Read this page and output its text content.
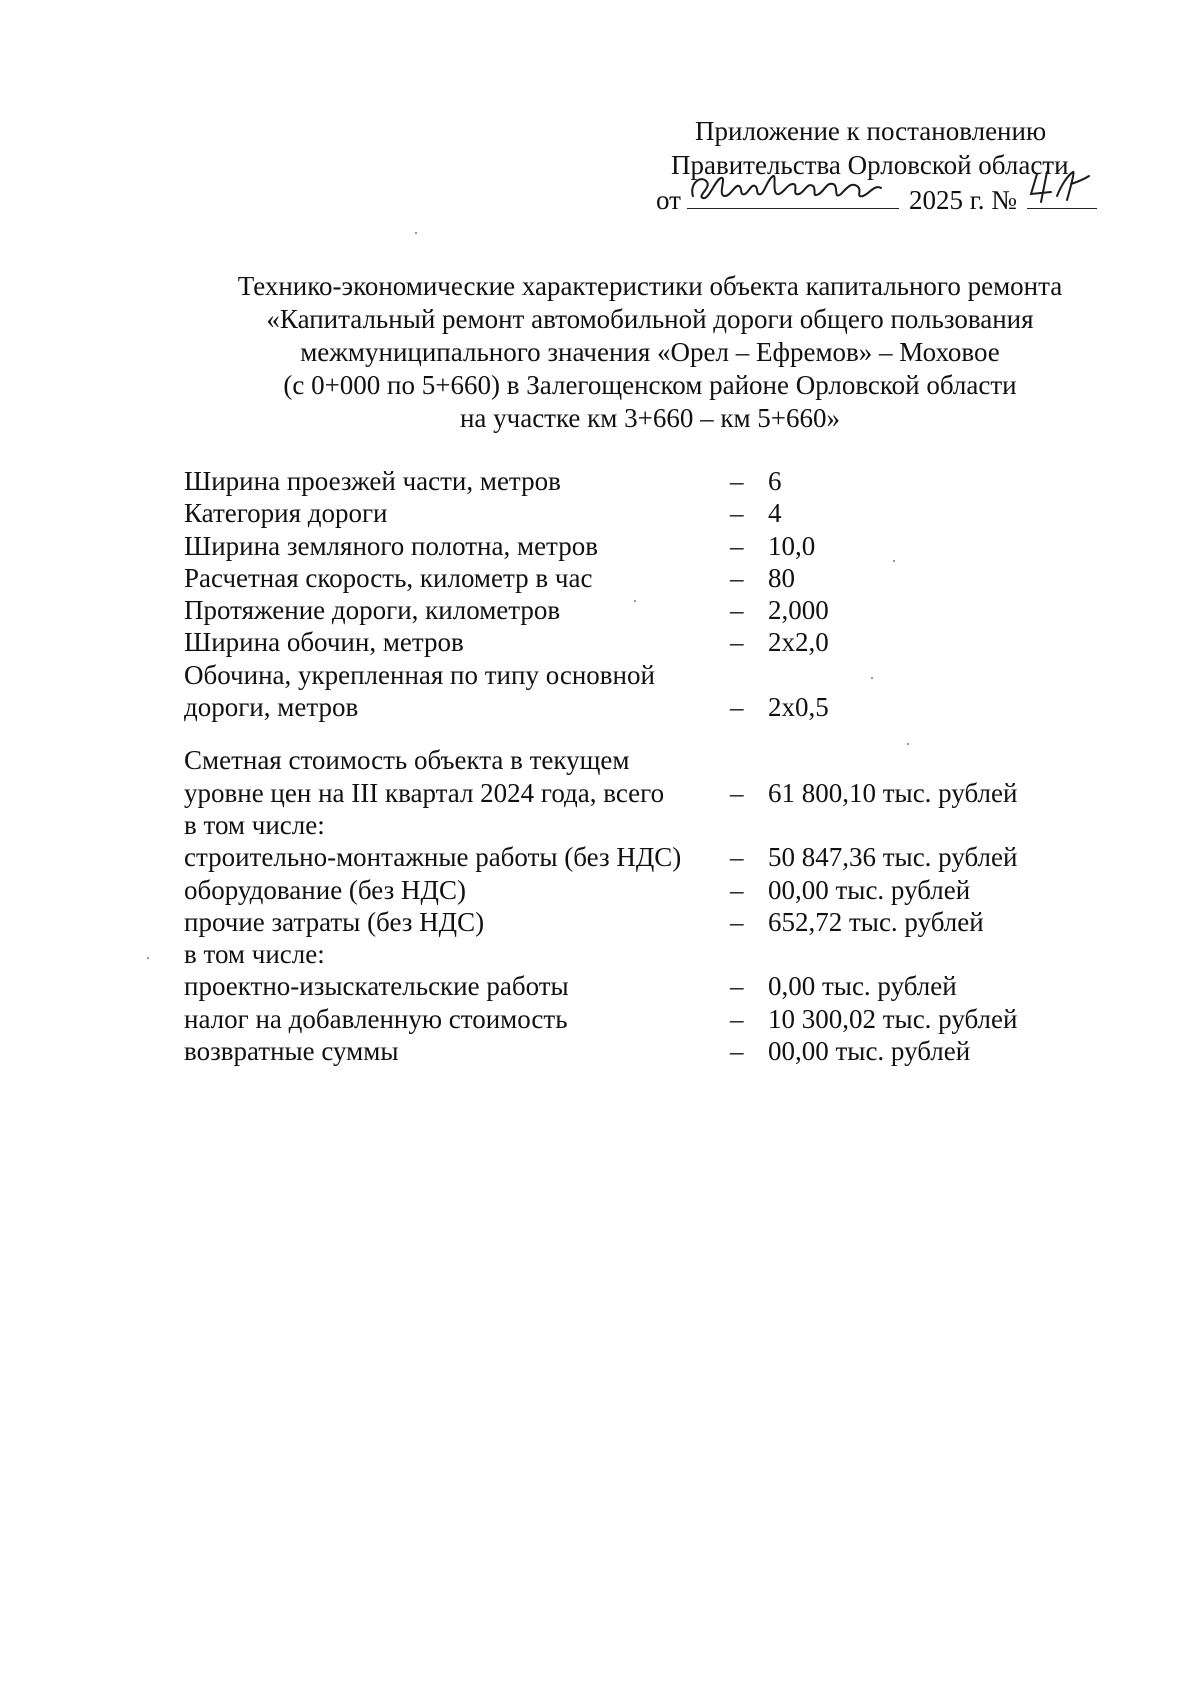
Приложение к постановлению
Правительства Орловской области
от	2025 г. №
Технико-экономические характеристики объекта капитального ремонта
«Капитальный ремонт автомобильной дороги общего пользования
межмуниципального значения «Орел – Ефремов» – Моховое
(с 0+000 по 5+660) в Залегощенском районе Орловской области
на участке км 3+660 – км 5+660»
Ширина проезжей части, метров	– 6
Категория дороги	– 4
Ширина земляного полотна, метров	– 10,0
Расчетная скорость, километр в час	– 80
Протяжение дороги, километров	– 2,000
Ширина обочин, метров	– 2х2,0
Обочина, укрепленная по типу основной
дороги, метров	– 2х0,5
Сметная стоимость объекта в текущем
уровне цен на III квартал 2024 года, всего	– 61 800,10 тыс. рублей
в том числе:
строительно-монтажные работы (без НДС)	– 50 847,36 тыс. рублей
оборудование (без НДС)	– 00,00 тыс. рублей
прочие затраты (без НДС)	– 652,72 тыс. рублей
в том числе:
проектно-изыскательские работы	– 0,00 тыс. рублей
налог на добавленную стоимость	– 10 300,02 тыс. рублей
возвратные суммы	– 00,00 тыс. рублей
